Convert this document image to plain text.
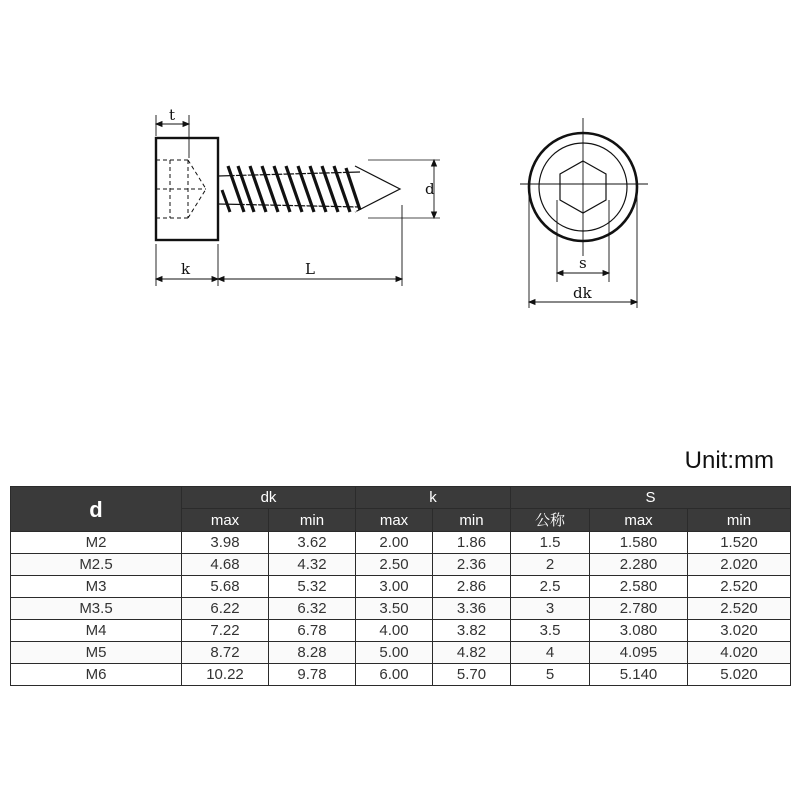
t
k	L
d
s
dk
Unit:mm
d	dk		k		S		
	max	min	max	min	公称	max	min
M2	3.98	3.62	2.00	1.86	1.5	1.580	1.520
M2.5	4.68	4.32	2.50	2.36	2	2.280	2.020
M3	5.68	5.32	3.00	2.86	2.5	2.580	2.520
M3.5	6.22	6.32	3.50	3.36	3	2.780	2.520
M4	7.22	6.78	4.00	3.82	3.5	3.080	3.020
M5	8.72	8.28	5.00	4.82	4	4.095	4.020
M6	10.22	9.78	6.00	5.70	5	5.140	5.020
